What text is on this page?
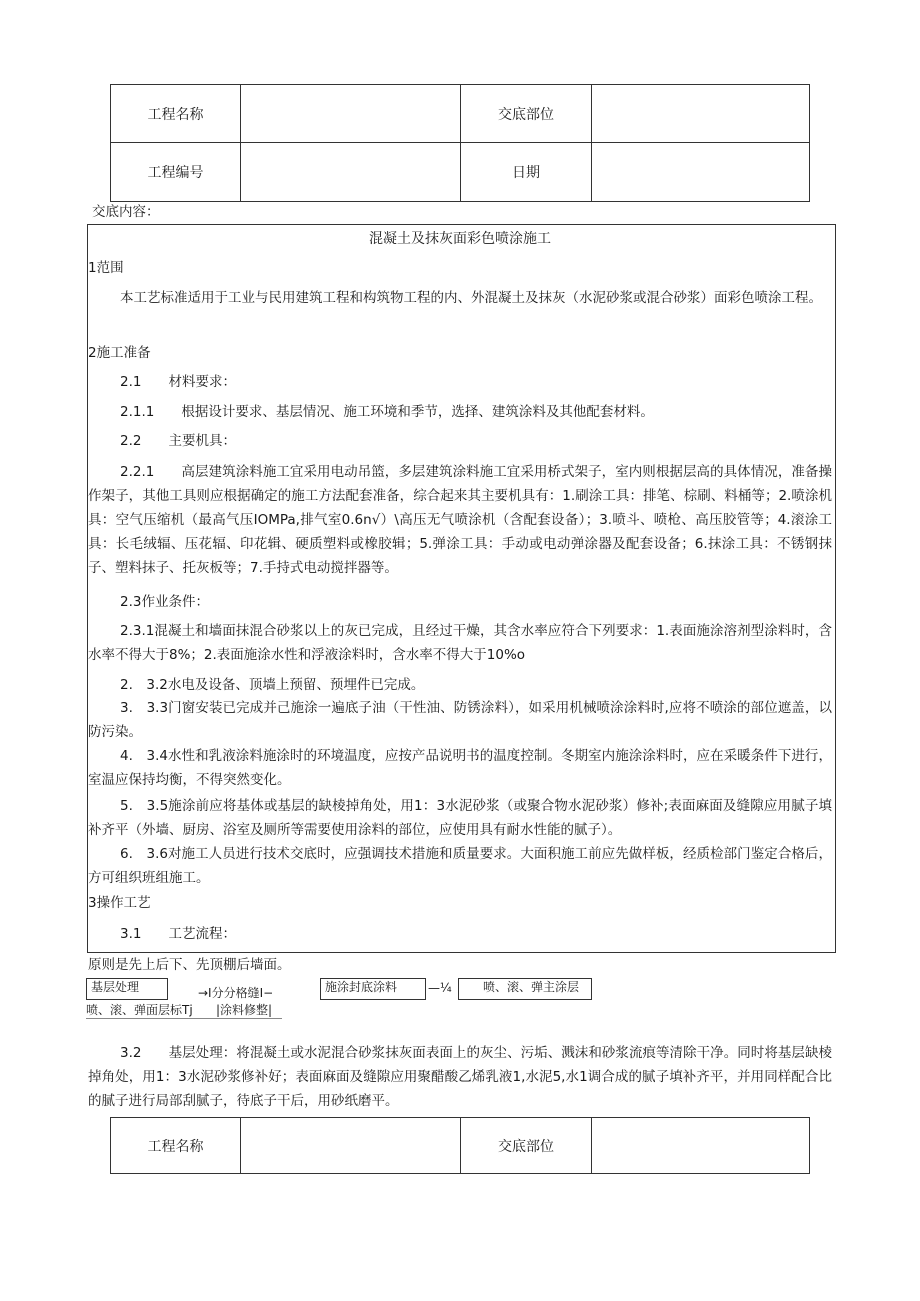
工程名称		交底部位	
工程编号		日期	
交底内容：
混凝土及抹灰面彩色喷涂施工
1范围
本工艺标准适用于工业与民用建筑工程和构筑物工程的内、外混凝土及抹灰（水泥砂浆或混合砂浆）面彩色喷涂工程。
2施工准备
2.1　　材料要求：
2.1.1　　根据设计要求、基层情况、施工环境和季节，选择、建筑涂料及其他配套材料。
2.2　　主要机具：
2.2.1　　高层建筑涂料施工宜采用电动吊篮，多层建筑涂料施工宜采用桥式架子，室内则根据层高的具体情况，准备操作架子，其他工具则应根据确定的施工方法配套准备，综合起来其主要机具有：1.刷涂工具：排笔、棕刷、料桶等；2.喷涂机具：空气压缩机（最高气压IOMPa,排气室0.6n√）\高压无气喷涂机（含配套设备）；3.喷斗、喷枪、高压胶管等；4.滚涂工具：长毛绒辐、压花辐、印花辑、硬质塑料或橡胶辑；5.弹涂工具：手动或电动弹涂器及配套设备；6.抹涂工具：不锈钢抹子、塑料抹子、托灰板等；7.手持式电动搅拌器等。
2.3作业条件：
2.3.1混凝土和墙面抹混合砂浆以上的灰已完成，且经过干燥，其含水率应符合下列要求：1.表面施涂溶剂型涂料时，含水率不得大于8%；2.表面施涂水性和浮液涂料时，含水率不得大于10%o
2.　3.2水电及设备、顶墙上预留、预埋件已完成。
3.　3.3门窗安装已完成并己施涂一遍底子油（干性油、防锈涂料），如采用机械喷涂涂料时,应将不喷涂的部位遮盖，以防污染。
4.　3.4水性和乳液涂料施涂时的环境温度，应按产品说明书的温度控制。冬期室内施涂涂料时，应在采暖条件下进行，室温应保持均衡，不得突然变化。
5.　3.5施涂前应将基体或基层的缺棱掉角处，用1：3水泥砂浆（或聚合物水泥砂浆）修补;表面麻面及缝隙应用腻子填补齐平（外墙、厨房、浴室及厕所等需要使用涂料的部位，应使用具有耐水性能的腻子）。
6.　3.6对施工人员进行技术交底时，应强调技术措施和质量要求。大面积施工前应先做样板，经质检部门鉴定合格后，方可组织班组施工。
3操作工艺
3.1　　工艺流程：
原则是先上后下、先顶棚后墙面。
基层处理	→I分分格缝I−	施涂封底涂料	—¼	喷、滚、弹主涂层
喷、滚、弹面层标Tj |涂料修整|
3.2　　基层处理：将混凝土或水泥混合砂浆抹灰面表面上的灰尘、污垢、溅沫和砂浆流痕等清除干净。同时将基层缺棱掉角处，用1：3水泥砂浆修补好；表面麻面及缝隙应用聚醋酸乙烯乳液1,水泥5,水1调合成的腻子填补齐平，并用同样配合比的腻子进行局部刮腻子，待底子干后，用砂纸磨平。
工程名称		交底部位	
